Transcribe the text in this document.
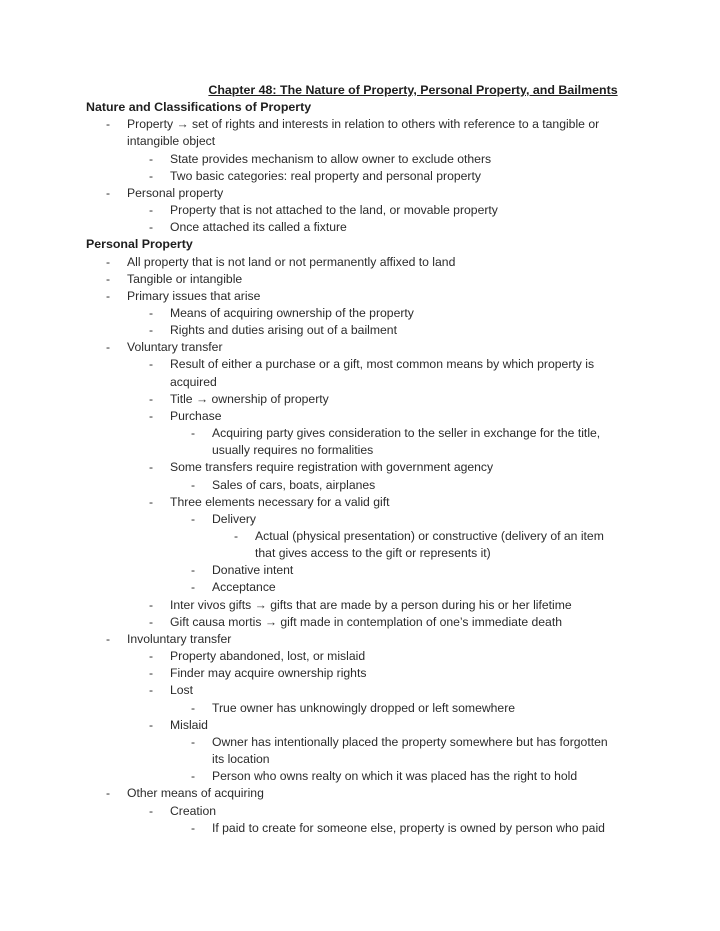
Chapter 48: The Nature of Property, Personal Property, and Bailments
Nature and Classifications of Property
- Property → set of rights and interests in relation to others with reference to a tangible or
intangible object
- State provides mechanism to allow owner to exclude others
- Two basic categories: real property and personal property
- Personal property
- Property that is not attached to the land, or movable property
- Once attached its called a fixture
Personal Property
- All property that is not land or not permanently affixed to land
- Tangible or intangible
- Primary issues that arise
- Means of acquiring ownership of the property
- Rights and duties arising out of a bailment
- Voluntary transfer
- Result of either a purchase or a gift, most common means by which property is
acquired
- Title → ownership of property
- Purchase
- Acquiring party gives consideration to the seller in exchange for the title,
usually requires no formalities
- Some transfers require registration with government agency
- Sales of cars, boats, airplanes
- Three elements necessary for a valid gift
- Delivery
- Actual (physical presentation) or constructive (delivery of an item
that gives access to the gift or represents it)
- Donative intent
- Acceptance
- Inter vivos gifts → gifts that are made by a person during his or her lifetime
- Gift causa mortis → gift made in contemplation of one’s immediate death
- Involuntary transfer
- Property abandoned, lost, or mislaid
- Finder may acquire ownership rights
- Lost
- True owner has unknowingly dropped or left somewhere
- Mislaid
- Owner has intentionally placed the property somewhere but has forgotten
its location
- Person who owns realty on which it was placed has the right to hold
- Other means of acquiring
- Creation
- If paid to create for someone else, property is owned by person who paid
